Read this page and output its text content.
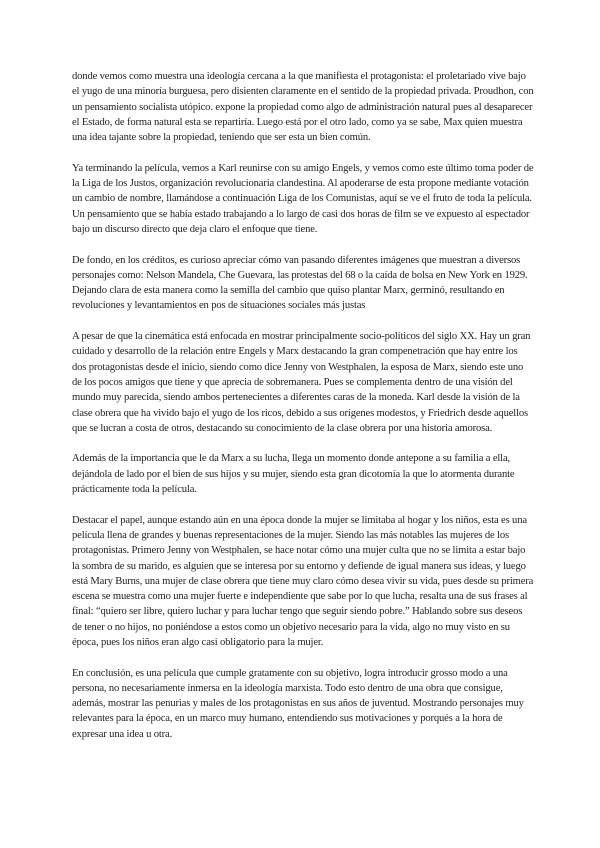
donde vemos como muestra una ideología cercana a la que manifiesta el protagonista: el proletariado vive bajo el yugo de una minoría burguesa, pero disienten claramente en el sentido de la propiedad privada. Proudhon, con un pensamiento socialista utópico. expone la propiedad como algo de administración natural pues al desaparecer el Estado, de forma natural esta se repartiría. Luego está por el otro lado, como ya se sabe, Max quien muestra una idea tajante sobre la propiedad, teniendo que ser esta un bien común.

Ya terminando la película, vemos a Karl reunirse con su amigo Engels, y vemos como este último toma poder de la Liga de los Justos, organización revolucionaria clandestina. Al apoderarse de esta propone mediante votación un cambio de nombre, llamándose a continuación Liga de los Comunistas, aquí se ve el fruto de toda la película. Un pensamiento que se había estado trabajando a lo largo de casi dos horas de film se ve expuesto al espectador bajo un discurso directo que deja claro el enfoque que tiene.

De fondo, en los créditos, es curioso apreciar cómo van pasando diferentes imágenes que muestran a diversos personajes como: Nelson Mandela, Che Guevara, las protestas del 68 o la caída de bolsa en New York en 1929. Dejando clara de esta manera como la semilla del cambio que quiso plantar Marx, germinó, resultando en revoluciones y levantamientos en pos de situaciones sociales más justas

A pesar de que la cinemática está enfocada en mostrar principalmente socio-políticos del siglo XX. Hay un gran cuidado y desarrollo de la relación entre Engels y Marx destacando la gran compenetración que hay entre los dos protagonistas desde el inicio, siendo como dice Jenny von Westphalen, la esposa de Marx, siendo este uno de los pocos amigos que tiene y que aprecia de sobremanera. Pues se complementa dentro de una visión del mundo muy parecida, siendo ambos pertenecientes a diferentes caras de la moneda. Karl desde la visión de la clase obrera que ha vivido bajo el yugo de los ricos, debido a sus orígenes modestos, y Friedrich desde aquellos que se lucran a costa de otros, destacando su conocimiento de la clase obrera por una historia amorosa.

Además de la importancia que le da Marx a su lucha, llega un momento donde antepone a su familia a ella, dejándola de lado por el bien de sus hijos y su mujer, siendo esta gran dicotomía la que lo atormenta durante prácticamente toda la película.

Destacar el papel, aunque estando aún en una época donde la mujer se limitaba al hogar y los niños, esta es una película llena de grandes y buenas representaciones de la mujer. Siendo las más notables las mujeres de los protagonistas. Primero Jenny von Westphalen, se hace notar cómo una mujer culta que no se limita a estar bajo la sombra de su marido, es alguien que se interesa por su entorno y defiende de igual manera sus ideas, y luego está Mary Burns, una mujer de clase obrera que tiene muy claro cómo desea vivir su vida, pues desde su primera escena se muestra como una mujer fuerte e independiente que sabe por lo que lucha, resalta una de sus frases al final: “quiero ser libre, quiero luchar y para luchar tengo que seguir siendo pobre.” Hablando sobre sus deseos de tener o no hijos, no poniéndose a estos como un objetivo necesario para la vida, algo no muy visto en su época, pues los niños eran algo casi obligatorio para la mujer.

En conclusión, es una película que cumple gratamente con su objetivo, logra introducir grosso modo a una persona, no necesariamente inmersa en la ideología marxista. Todo esto dentro de una obra que consigue, además, mostrar las penurias y males de los protagonistas en sus años de juventud. Mostrando personajes muy relevantes para la época, en un marco muy humano, entendiendo sus motivaciones y porqués a la hora de expresar una idea u otra.
